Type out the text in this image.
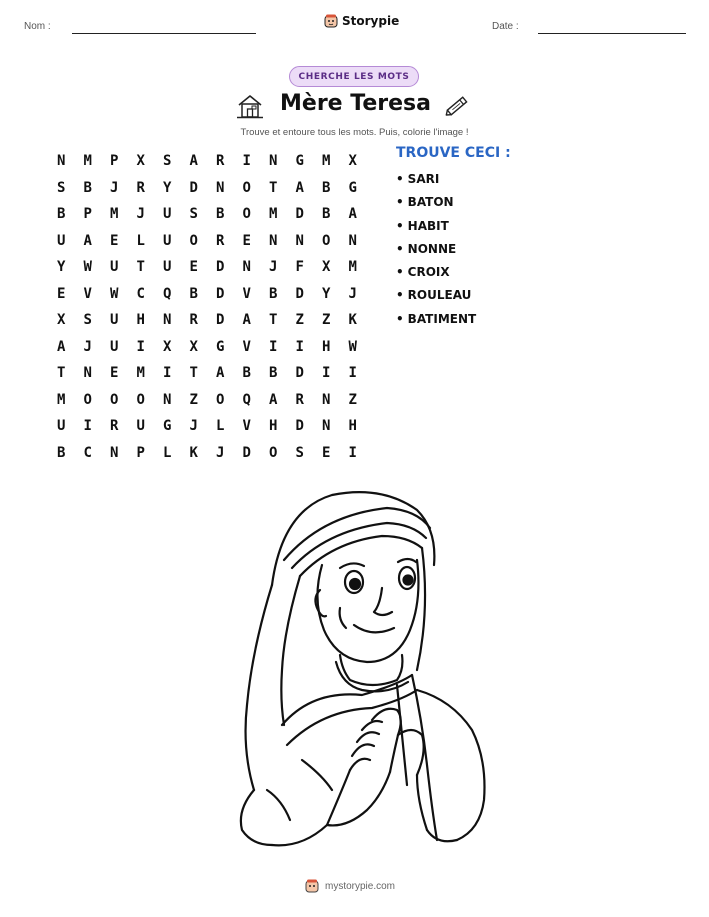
Nom :	Storypie	Date :
CHERCHE LES MOTS
Mère Teresa
Trouve et entoure tous les mots. Puis, colorie l'image !
N	M	P	X	S	A	R	I	N	G	M	X
S	B	J	R	Y	D	N	O	T	A	B	G
B	P	M	J	U	S	B	O	M	D	B	A
U	A	E	L	U	O	R	E	N	N	O	N
Y	W	U	T	U	E	D	N	J	F	X	M
E	V	W	C	Q	B	D	V	B	D	Y	J
X	S	U	H	N	R	D	A	T	Z	Z	K
A	J	U	I	X	X	G	V	I	I	H	W
T	N	E	M	I	T	A	B	B	D	I	I
M	O	O	O	N	Z	O	Q	A	R	N	Z
U	I	R	U	G	J	L	V	H	D	N	H
B	C	N	P	L	K	J	D	O	S	E	I
TROUVE CECI :
• SARI
• BATON
• HABIT
• NONNE
• CROIX
• ROULEAU
• BATIMENT
mystorypie.com
